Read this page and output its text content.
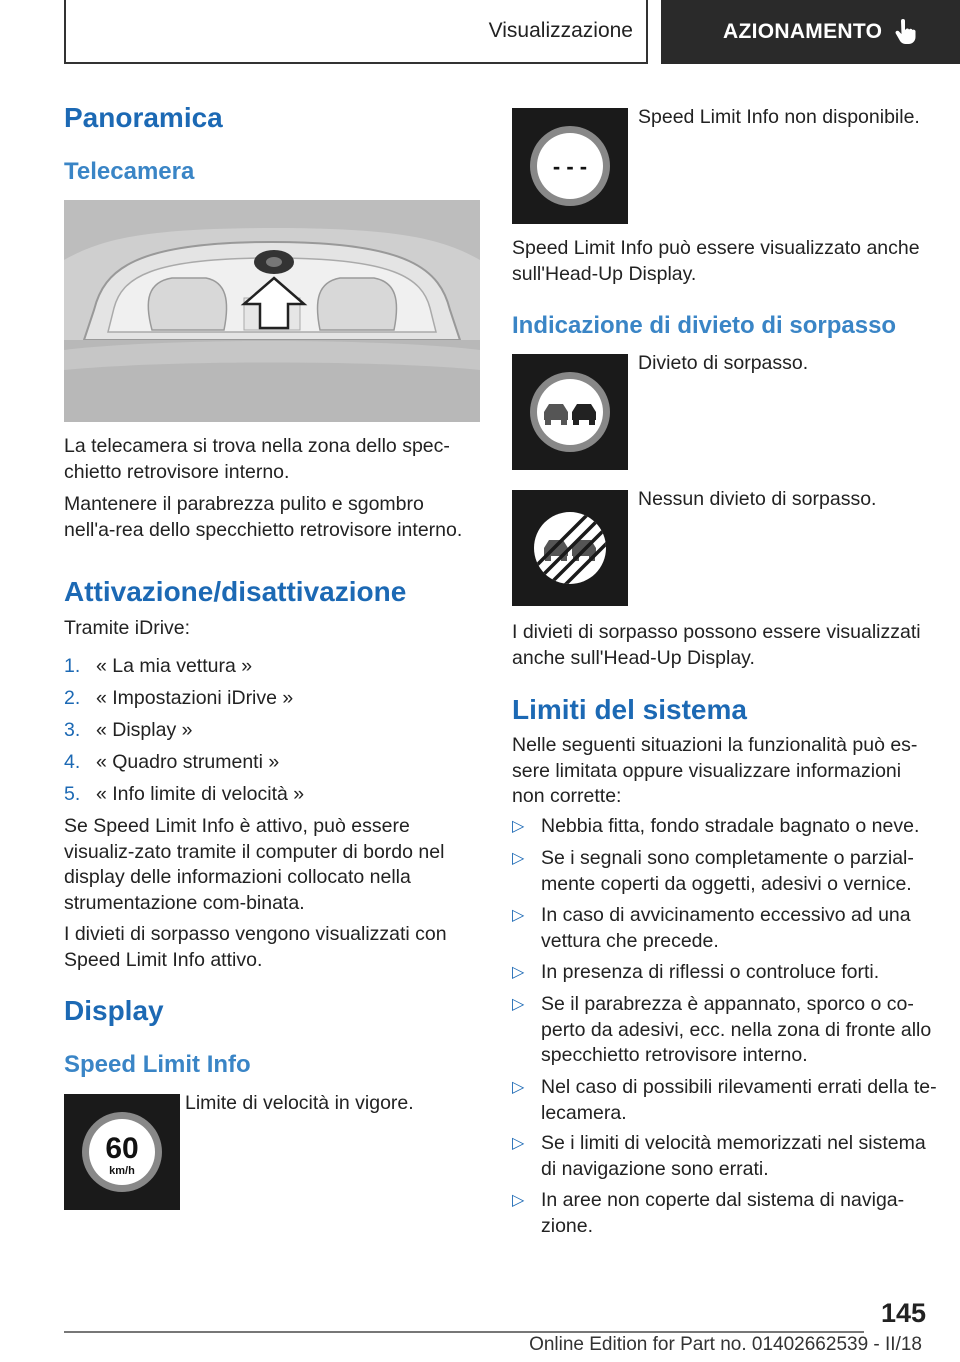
Visualizzazione	AZIONAMENTO
Panoramica
Telecamera

La telecamera si trova nella zona dello spec-chietto retrovisore interno.

Mantenere il parabrezza pulito e sgombro nell'a-rea dello specchietto retrovisore interno.

Attivazione/disattivazione

Tramite iDrive:

1. « La mia vettura »
2. « Impostazioni iDrive »
3. « Display »
4. « Quadro strumenti »
5. « Info limite di velocità »

Se Speed Limit Info è attivo, può essere visualiz-zato tramite il computer di bordo nel display delle informazioni collocato nella strumentazione com-binata.

I divieti di sorpasso vengono visualizzati con Speed Limit Info attivo.

Display
Speed Limit Info
60
km/h

Limite di velocità in vigore.

- - -

Speed Limit Info non disponibile.

Speed Limit Info può essere visualizzato anche sull'Head-Up Display.

Indicazione di divieto di sorpasso

Divieto di sorpasso.

Nessun divieto di sorpasso.

I divieti di sorpasso possono essere visualizzati anche sull'Head-Up Display.

Limiti del sistema

Nelle seguenti situazioni la funzionalità può es-sere limitata oppure visualizzare informazioni non corrette:

▷ Nebbia fitta, fondo stradale bagnato o neve.
▷ Se i segnali sono completamente o parzial-mente coperti da oggetti, adesivi o vernice.
▷ In caso di avvicinamento eccessivo ad una vettura che precede.
▷ In presenza di riflessi o controluce forti.
▷ Se il parabrezza è appannato, sporco o co-perto da adesivi, ecc. nella zona di fronte allo specchietto retrovisore interno.
▷ Nel caso di possibili rilevamenti errati della te-lecamera.
▷ Se i limiti di velocità memorizzati nel sistema di navigazione sono errati.
▷ In aree non coperte dal sistema di naviga-zione.
145
Online Edition for Part no. 01402662539 - II/18
